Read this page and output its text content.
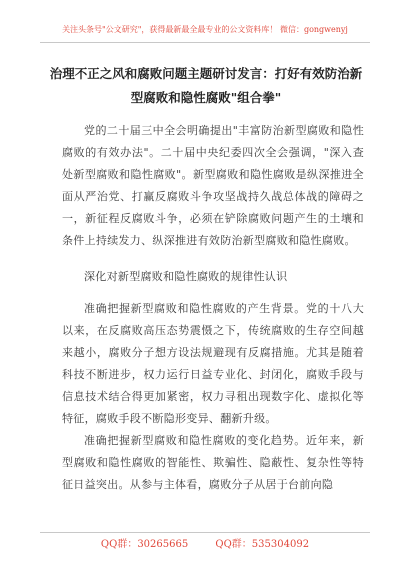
关注头条号"公文研究"，获得最新最全最专业的公文资料库！ 微信：gongwenyj
治理不正之风和腐败问题主题研讨发言：打好有效防治新型腐败和隐性腐败"组合拳"

党的二十届三中全会明确提出"丰富防治新型腐败和隐性腐败的有效办法"。二十届中央纪委四次全会强调，"深入查处新型腐败和隐性腐败"。新型腐败和隐性腐败是纵深推进全面从严治党、打赢反腐败斗争攻坚战持久战总体战的障碍之一，新征程反腐败斗争，必须在铲除腐败问题产生的土壤和条件上持续发力、纵深推进有效防治新型腐败和隐性腐败。

深化对新型腐败和隐性腐败的规律性认识

准确把握新型腐败和隐性腐败的产生背景。党的十八大以来，在反腐败高压态势震慑之下，传统腐败的生存空间越来越小，腐败分子想方设法规避现有反腐措施。尤其是随着科技不断进步，权力运行日益专业化、封闭化，腐败手段与信息技术结合得更加紧密，权力寻租出现数字化、虚拟化等特征，腐败手段不断隐形变异、翻新升级。

准确把握新型腐败和隐性腐败的变化趋势。近年来，新型腐败和隐性腐败的智能性、欺骗性、隐蔽性、复杂性等特征日益突出。从参与主体看，腐败分子从居于台前向隐

QQ群：30265665	QQ群：535304092
